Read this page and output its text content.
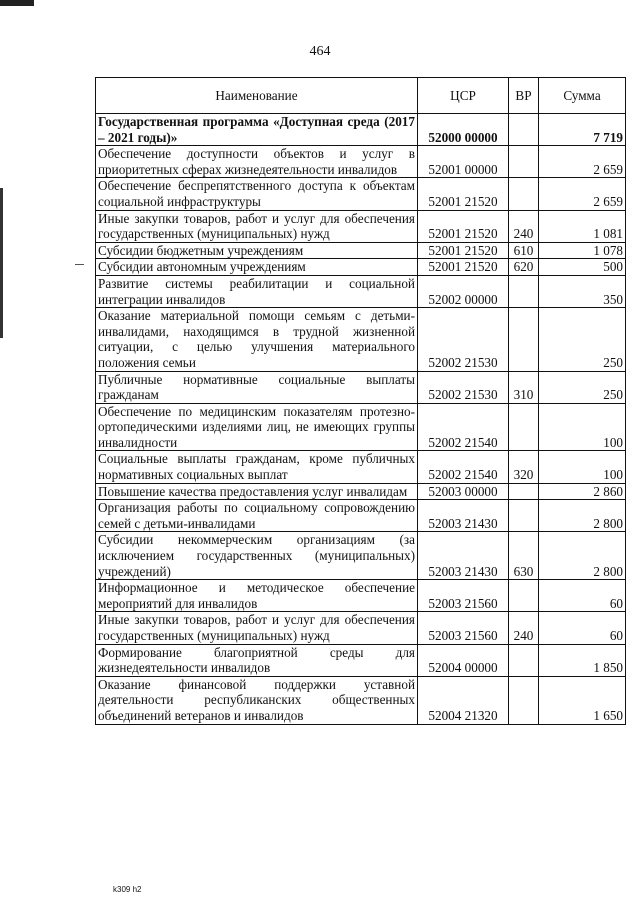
464
Наименование	ЦСР	ВР	Сумма
Государственная программа «Доступная среда (2017 – 2021 годы)»	52000 00000		7 719
Обеспечение доступности объектов и услуг в приоритетных сферах жизнедеятельности инвалидов	52001 00000		2 659
Обеспечение беспрепятственного доступа к объектам социальной инфраструктуры	52001 21520		2 659
Иные закупки товаров, работ и услуг для обеспечения государственных (муниципальных) нужд	52001 21520	240	1 081
Субсидии бюджетным учреждениям	52001 21520	610	1 078
Субсидии автономным учреждениям	52001 21520	620	500
Развитие системы реабилитации и социальной интеграции инвалидов	52002 00000		350
Оказание материальной помощи семьям с детьми-инвалидами, находящимся в трудной жизненной ситуации, с целью улучшения материального положения семьи	52002 21530		250
Публичные нормативные социальные выплаты гражданам	52002 21530	310	250
Обеспечение по медицинским показателям протезно-ортопедическими изделиями лиц, не имеющих группы инвалидности	52002 21540		100
Социальные выплаты гражданам, кроме публичных нормативных социальных выплат	52002 21540	320	100
Повышение качества предоставления услуг инвалидам	52003 00000		2 860
Организация работы по социальному сопровождению семей с детьми-инвалидами	52003 21430		2 800
Субсидии некоммерческим организациям (за исключением государственных (муниципальных) учреждений)	52003 21430	630	2 800
Информационное и методическое обеспечение мероприятий для инвалидов	52003 21560		60
Иные закупки товаров, работ и услуг для обеспечения государственных (муниципальных) нужд	52003 21560	240	60
Формирование благоприятной среды для жизнедеятельности инвалидов	52004 00000		1 850
Оказание финансовой поддержки уставной деятельности республиканских общественных объединений ветеранов и инвалидов	52004 21320		1 650
k309 h2
